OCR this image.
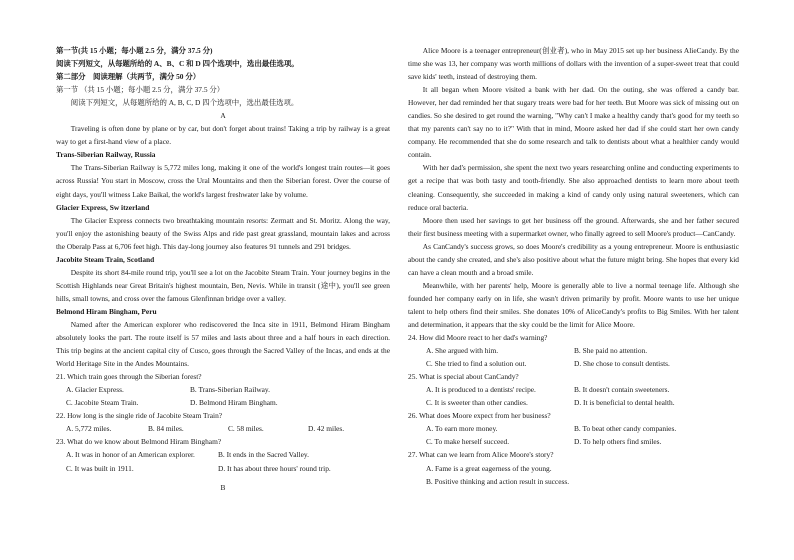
第一节(共 15 小题；每小题 2.5 分，满分 37.5 分)

阅读下列短文，从每题所给的 A、B、C 和 D 四个选项中，选出最佳选项。

第二部分　阅读理解（共两节，满分 50 分）

第一节 （共 15 小题；每小题 2.5 分，满分 37.5 分）

阅读下列短文，从每题所给的 A, B, C, D 四个选项中，选出最佳选项。

A

Traveling is often done by plane or by car, but don't forget about trains! Taking a trip by railway is a great way to get a first-hand view of a place.

Trans-Siberian Railway, Russia

The Trans-Siberian Railway is 5,772 miles long, making it one of the world's longest train routes—it goes across Russia! You start in Moscow, cross the Ural Mountains and then the Siberian forest. Over the course of eight days, you'll witness Lake Baikal, the world's largest freshwater lake by volume.

Glacier Express, Sw itzerland

The Glacier Express connects two breathtaking mountain resorts: Zermatt and St. Moritz. Along the way, you'll enjoy the astonishing beauty of the Swiss Alps and ride past great grassland, mountain lakes and across the Oberalp Pass at 6,706 feet high. This day-long journey also features 91 tunnels and 291 bridges.

Jacobite Steam Train, Scotland

Despite its short 84-mile round trip, you'll see a lot on the Jacobite Steam Train. Your journey begins in the Scottish Highlands near Great Britain's highest mountain, Ben, Nevis. While in transit (途中), you'll see green hills, small towns, and cross over the famous Glenfinnan bridge over a valley.

Belmond Hiram Bingham, Peru

Named after the American explorer who rediscovered the Inca site in 1911, Belmond Hiram Bingham absolutely looks the part. The route itself is 57 miles and lasts about three and a half hours in each direction. This trip begins at the ancient capital city of Cusco, goes through the Sacred Valley of the Incas, and ends at the World Heritage Site in the Andes Mountains.

21. Which train goes through the Siberian forest?

A. Glacier Express.	B. Trans-Siberian Railway.
C. Jacobite Steam Train.	D. Belmond Hiram Bingham.

22. How long is the single ride of Jacobite Steam Train?

A. 5,772 miles.	B. 84 miles.	C. 58 miles.	D. 42 miles.

23. What do we know about Belmond Hiram Bingham?

A. It was in honor of an American explorer.	B. It ends in the Sacred Valley.
C. It was built in 1911.	D. It has about three hours' round trip.

B

Alice Moore is a teenager entrepreneur(创业者), who in May 2015 set up her business AlieCandy. By the time she was 13, her company was worth millions of dollars with the invention of a super-sweet treat that could save kids' teeth, instead of destroying them.

It all began when Moore visited a bank with her dad. On the outing, she was offered a candy bar. However, her dad reminded her that sugary treats were bad for her teeth. But Moore was sick of missing out on candies. So she desired to get round the warning, "Why can't I make a healthy candy that's good for my teeth so that my parents can't say no to it?" With that in mind, Moore asked her dad if she could start her own candy company. He recommended that she do some research and talk to dentists about what a healthier candy would contain.

With her dad's permission, she spent the next two years researching online and conducting experiments to get a recipe that was both tasty and tooth-friendly. She also approached dentists to learn more about teeth cleaning. Consequently, she succeeded in making a kind of candy only using natural sweeteners, which can reduce oral bacteria.

Moore then used her savings to get her business off the ground. Afterwards, she and her father secured their first business meeting with a supermarket owner, who finally agreed to sell Moore's product—CanCandy.

As CanCandy's success grows, so does Moore's credibility as a young entrepreneur. Moore is enthusiastic about the candy she created, and she's also positive about what the future might bring. She hopes that every kid can have a clean mouth and a broad smile.

Meanwhile, with her parents' help, Moore is generally able to live a normal teenage life. Although she founded her company early on in life, she wasn't driven primarily by profit. Moore wants to use her unique talent to help others find their smiles. She donates 10% of AliceCandy's profits to Big Smiles. With her talent and determination, it appears that the sky could be the limit for Alice Moore.

24. How did Moore react to her dad's warning?

A. She argued with him.	B. She paid no attention.
C. She tried to find a solution out.	D. She chose to consult dentists.

25. What is special about CanCandy?

A. It is produced to a dentists' recipe.	B. It doesn't contain sweeteners.
C. It is sweeter than other candies.	D. It is beneficial to dental health.

26. What does Moore expect from her business?

A. To earn more money.	B. To beat other candy companies.
C. To make herself succeed.	D. To help others find smiles.

27. What can we learn from Alice Moore's story?

A. Fame is a great eagerness of the young.

B. Positive thinking and action result in success.
